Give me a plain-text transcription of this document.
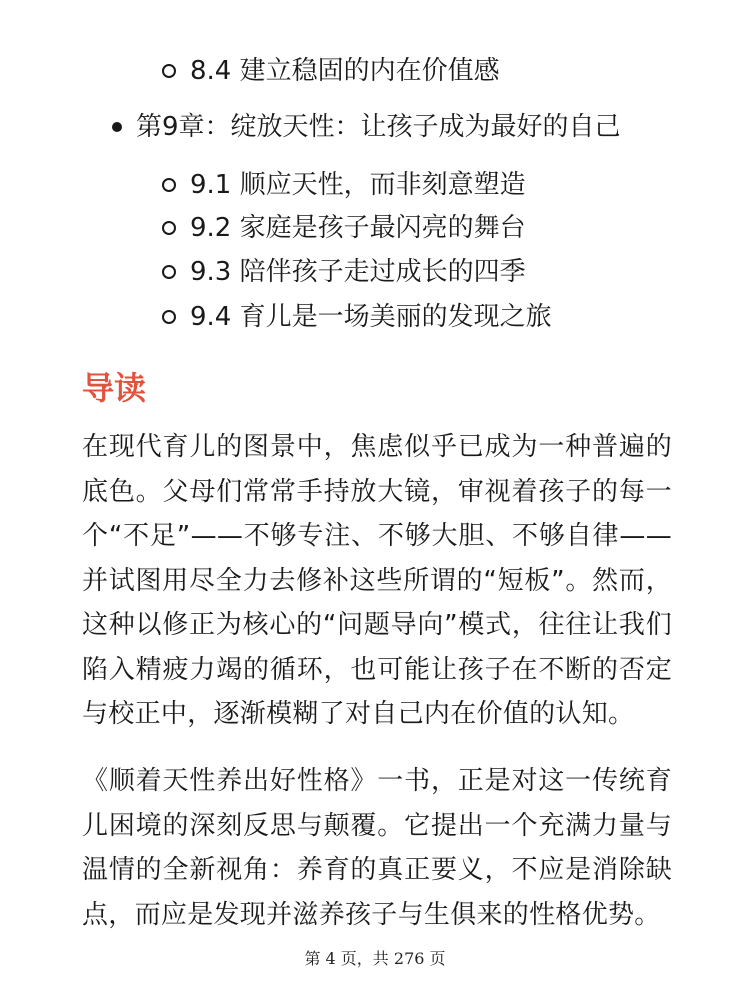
8.4 建立稳固的内在价值感
第9章：绽放天性：让孩子成为最好的自己
9.1 顺应天性，而非刻意塑造
9.2 家庭是孩子最闪亮的舞台
9.3 陪伴孩子走过成长的四季
9.4 育儿是一场美丽的发现之旅
导读

在现代育儿的图景中，焦虑似乎已成为一种普遍的底色。父母们常常手持放大镜，审视着孩子的每一个“不足”——不够专注、不够大胆、不够自律——并试图用尽全力去修补这些所谓的“短板”。然而，这种以修正为核心的“问题导向”模式，往往让我们陷入精疲力竭的循环，也可能让孩子在不断的否定与校正中，逐渐模糊了对自己内在价值的认知。

《顺着天性养出好性格》一书，正是对这一传统育儿困境的深刻反思与颠覆。它提出一个充满力量与温情的全新视角：养育的真正要义，不应是消除缺点，而应是发现并滋养孩子与生俱来的性格优势。

第 4 页，共 276 页
